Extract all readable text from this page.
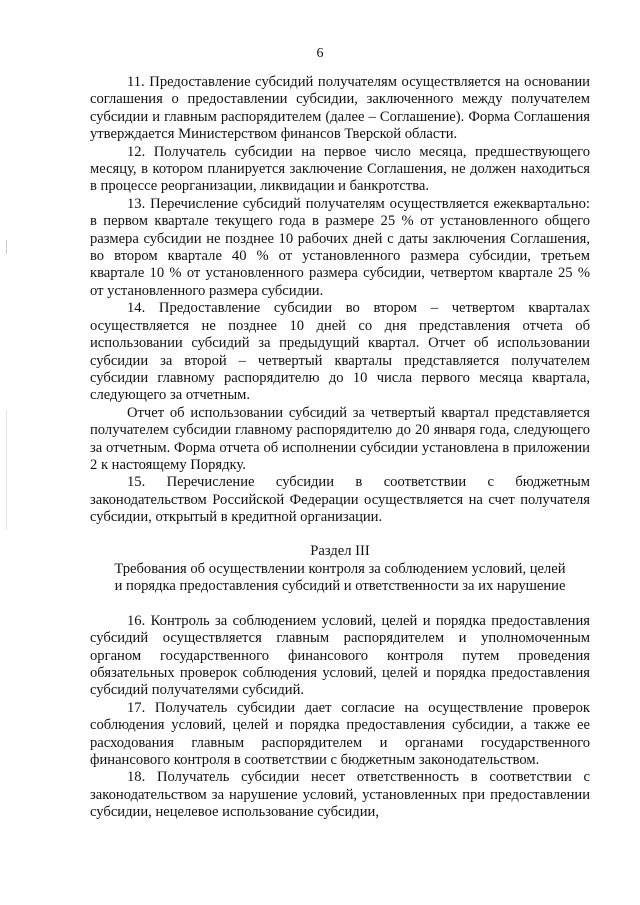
6

11. Предоставление субсидий получателям осуществляется на основании соглашения о предоставлении субсидии, заключенного между получателем субсидии и главным распорядителем (далее – Соглашение). Форма Соглашения утверждается Министерством финансов Тверской области.

12. Получатель субсидии на первое число месяца, предшествующего месяцу, в котором планируется заключение Соглашения, не должен находиться в процессе реорганизации, ликвидации и банкротства.

13. Перечисление субсидий получателям осуществляется ежеквартально: в первом квартале текущего года в размере 25 % от установленного общего размера субсидии не позднее 10 рабочих дней с даты заключения Соглашения, во втором квартале 40 % от установленного размера субсидии, третьем квартале 10 % от установленного размера субсидии, четвертом квартале 25 % от установленного размера субсидии.

14. Предоставление субсидии во втором – четвертом кварталах осуществляется не позднее 10 дней со дня представления отчета об использовании субсидий за предыдущий квартал. Отчет об использовании субсидии за второй – четвертый кварталы представляется получателем субсидии главному распорядителю до 10 числа первого месяца квартала, следующего за отчетным.

Отчет об использовании субсидий за четвертый квартал представляется получателем субсидии главному распорядителю до 20 января года, следующего за отчетным. Форма отчета об исполнении субсидии установлена в приложении 2 к настоящему Порядку.

15. Перечисление субсидии в соответствии с бюджетным законодательством Российской Федерации осуществляется на счет получателя субсидии, открытый в кредитной организации.

Раздел III

Требования об осуществлении контроля за соблюдением условий, целей

и порядка предоставления субсидий и ответственности за их нарушение

16. Контроль за соблюдением условий, целей и порядка предоставления субсидий осуществляется главным распорядителем и уполномоченным органом государственного финансового контроля путем проведения обязательных проверок соблюдения условий, целей и порядка предоставления субсидий получателями субсидий.

17. Получатель субсидии дает согласие на осуществление проверок соблюдения условий, целей и порядка предоставления субсидии, а также ее расходования главным распорядителем и органами государственного финансового контроля в соответствии с бюджетным законодательством.

18. Получатель субсидии несет ответственность в соответствии с законодательством за нарушение условий, установленных при предоставлении субсидии, нецелевое использование субсидии,
